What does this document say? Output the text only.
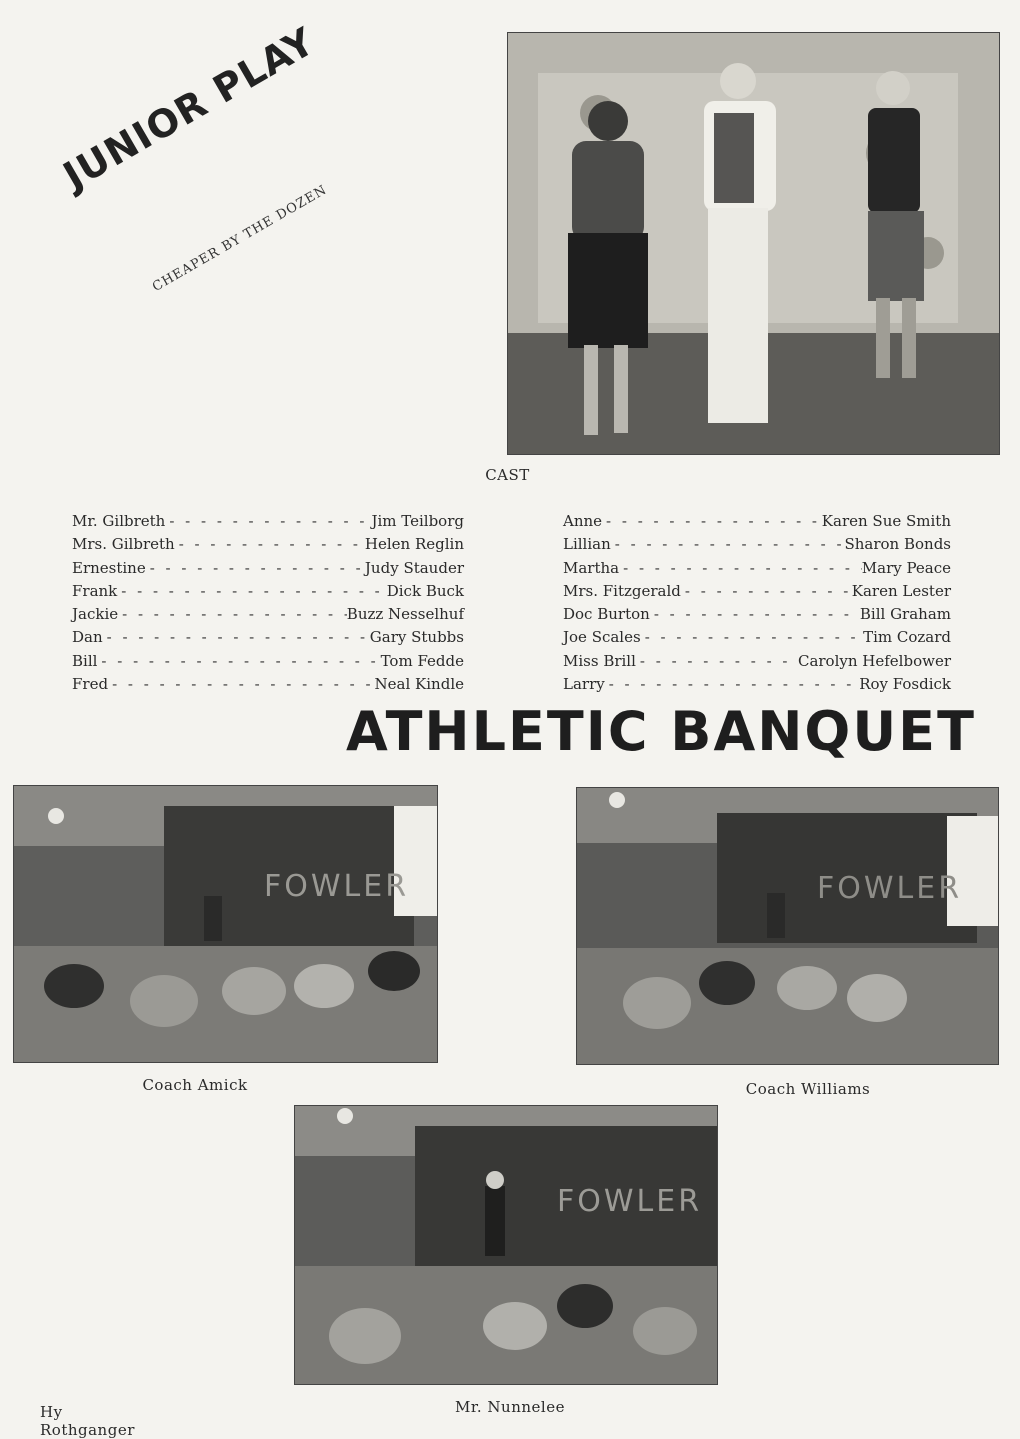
JUNIOR PLAY
CHEAPER BY THE DOZEN
CAST
Mr. Gilbreth - - -	Jim Teilborg
Mrs. Gilbreth - - -	Helen Reglin
Ernestine - - -	Judy Stauder
Frank - - -	Dick Buck
Jackie - - -	Buzz Nesselhuf
Dan - - -	Gary Stubbs
Bill - - -	Tom Fedde
Fred - - -	Neal Kindle
Anne - - -	Karen Sue Smith
Lillian - - -	Sharon Bonds
Martha - - -	Mary Peace
Mrs. Fitzgerald - - -	Karen Lester
Doc Burton - - -	Bill Graham
Joe Scales - - -	Tim Cozard
Miss Brill - - -	Carolyn Hefelbower
Larry - - -	Roy Fosdick
ATHLETIC BANQUET
FOWLER
Coach Amick
FOWLER
Coach Williams
FOWLER
Mr. Nunnelee
Hy Rothganger
